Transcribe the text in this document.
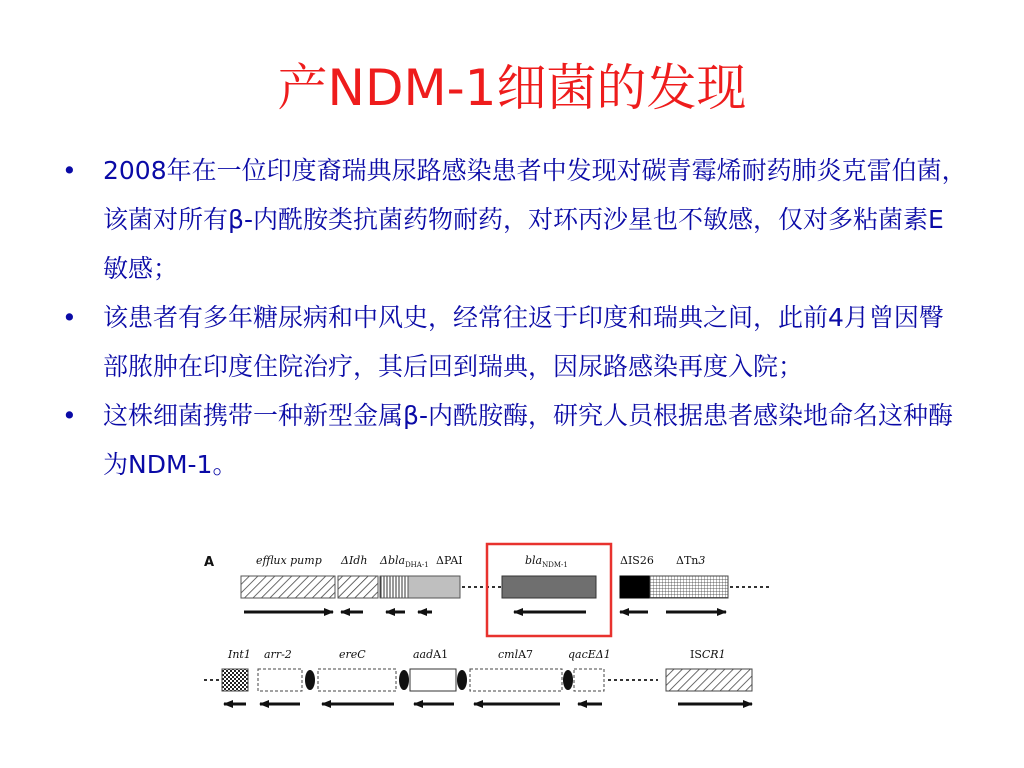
产NDM-1细菌的发现
• 2008年在一位印度裔瑞典尿路感染患者中发现对碳青霉烯耐药肺炎克雷伯菌，该菌对所有β-内酰胺类抗菌药物耐药，对环丙沙星也不敏感，仅对多粘菌素E敏感；
• 该患者有多年糖尿病和中风史，经常往返于印度和瑞典之间，此前4月曾因臀部脓肿在印度住院治疗，其后回到瑞典，因尿路感染再度入院；
• 这株细菌携带一种新型金属β-内酰胺酶，研究人员根据患者感染地命名这种酶为NDM-1。
A	efflux pump ΔIdh Δbla$_{DHA-1}$ ΔPAI	bla$_{NDM-1}$	ΔIS26 ΔTn3
Int1 arr-2	ereC	aadA1	cmlA7	qacEΔ1	ISCR1
